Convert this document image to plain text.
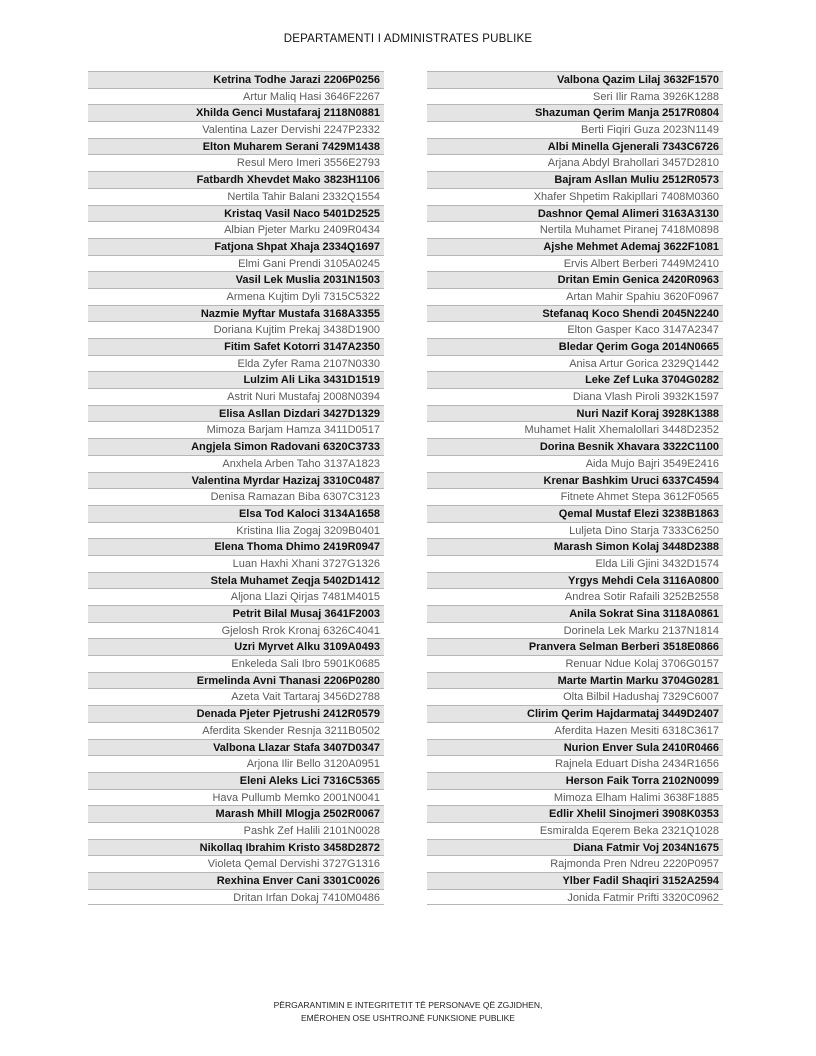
DEPARTAMENTI I ADMINISTRATES PUBLIKE
Ketrina Todhe Jarazi 2206P0256
Artur Maliq Hasi 3646F2267
Xhilda Genci Mustafaraj 2118N0881
Valentina Lazer Dervishi 2247P2332
Elton Muharem Serani 7429M1438
Resul Mero Imeri 3556E2793
Fatbardh Xhevdet Mako 3823H1106
Nertila Tahir Balani 2332Q1554
Kristaq Vasil Naco 5401D2525
Albian Pjeter Marku 2409R0434
Fatjona Shpat Xhaja 2334Q1697
Elmi Gani Prendi 3105A0245
Vasil Lek Muslia 2031N1503
Armena Kujtim Dyli 7315C5322
Nazmie Myftar Mustafa 3168A3355
Doriana Kujtim Prekaj 3438D1900
Fitim Safet Kotorri 3147A2350
Elda Zyfer Rama 2107N0330
Lulzim Ali Lika 3431D1519
Astrit Nuri Mustafaj 2008N0394
Elisa Asllan Dizdari 3427D1329
Mimoza Barjam Hamza 3411D0517
Angjela Simon Radovani 6320C3733
Anxhela Arben Taho 3137A1823
Valentina Myrdar Hazizaj 3310C0487
Denisa Ramazan Biba 6307C3123
Elsa Tod Kaloci 3134A1658
Kristina Ilia Zogaj 3209B0401
Elena Thoma Dhimo 2419R0947
Luan Haxhi Xhani 3727G1326
Stela Muhamet Zeqja 5402D1412
Aljona Llazi Qirjas 7481M4015
Petrit Bilal Musaj 3641F2003
Gjelosh Rrok Kronaj 6326C4041
Uzri Myrvet Alku 3109A0493
Enkeleda Sali Ibro 5901K0685
Ermelinda Avni Thanasi 2206P0280
Azeta Vait Tartaraj 3456D2788
Denada Pjeter Pjetrushi 2412R0579
Aferdita Skender Resnja 3211B0502
Valbona Llazar Stafa 3407D0347
Arjona Ilir Bello 3120A0951
Eleni Aleks Lici 7316C5365
Hava Pullumb Memko 2001N0041
Marash Mhill Mlogja 2502R0067
Pashk Zef Halili 2101N0028
Nikollaq Ibrahim Kristo 3458D2872
Violeta Qemal Dervishi 3727G1316
Rexhina Enver Cani 3301C0026
Dritan Irfan Dokaj 7410M0486
Valbona Qazim Lilaj 3632F1570
Seri Ilir Rama 3926K1288
Shazuman Qerim Manja 2517R0804
Berti Fiqiri Guza 2023N1149
Albi Minella Gjenerali 7343C6726
Arjana Abdyl Brahollari 3457D2810
Bajram Asllan Muliu 2512R0573
Xhafer Shpetim Rakipllari 7408M0360
Dashnor Qemal Alimeri 3163A3130
Nertila Muhamet Piranej 7418M0898
Ajshe Mehmet Ademaj 3622F1081
Ervis Albert Berberi 7449M2410
Dritan Emin Genica 2420R0963
Artan Mahir Spahiu 3620F0967
Stefanaq Koco Shendi 2045N2240
Elton Gasper Kaco 3147A2347
Bledar Qerim Goga 2014N0665
Anisa Artur Gorica 2329Q1442
Leke Zef Luka 3704G0282
Diana Vlash Piroli 3932K1597
Nuri Nazif Koraj 3928K1388
Muhamet Halit Xhemalollari 3448D2352
Dorina Besnik Xhavara 3322C1100
Aida Mujo Bajri 3549E2416
Krenar Bashkim Uruci 6337C4594
Fitnete Ahmet Stepa 3612F0565
Qemal Mustaf Elezi 3238B1863
Luljeta Dino Starja 7333C6250
Marash Simon Kolaj 3448D2388
Elda Lili Gjini 3432D1574
Yrgys Mehdi Cela 3116A0800
Andrea Sotir Rafaili 3252B2558
Anila Sokrat Sina 3118A0861
Dorinela Lek Marku 2137N1814
Pranvera Selman Berberi 3518E0866
Renuar Ndue Kolaj 3706G0157
Marte Martin Marku 3704G0281
Olta Bilbil Hadushaj 7329C6007
Clirim Qerim Hajdarmataj 3449D2407
Aferdita Hazen Mesiti 6318C3617
Nurion Enver Sula 2410R0466
Rajnela Eduart Disha 2434R1656
Herson Faik Torra 2102N0099
Mimoza Elham Halimi 3638F1885
Edlir Xhelil Sinojmeri 3908K0353
Esmiralda Eqerem Beka 2321Q1028
Diana Fatmir Voj 2034N1675
Rajmonda Pren Ndreu 2220P0957
Ylber Fadil Shaqiri 3152A2594
Jonida Fatmir Prifti 3320C0962
PËRGARANTIMIN E INTEGRITETIT TË PERSONAVE QË ZGJIDHEN,
EMËROHEN OSE USHTROJNË FUNKSIONE PUBLIKE
